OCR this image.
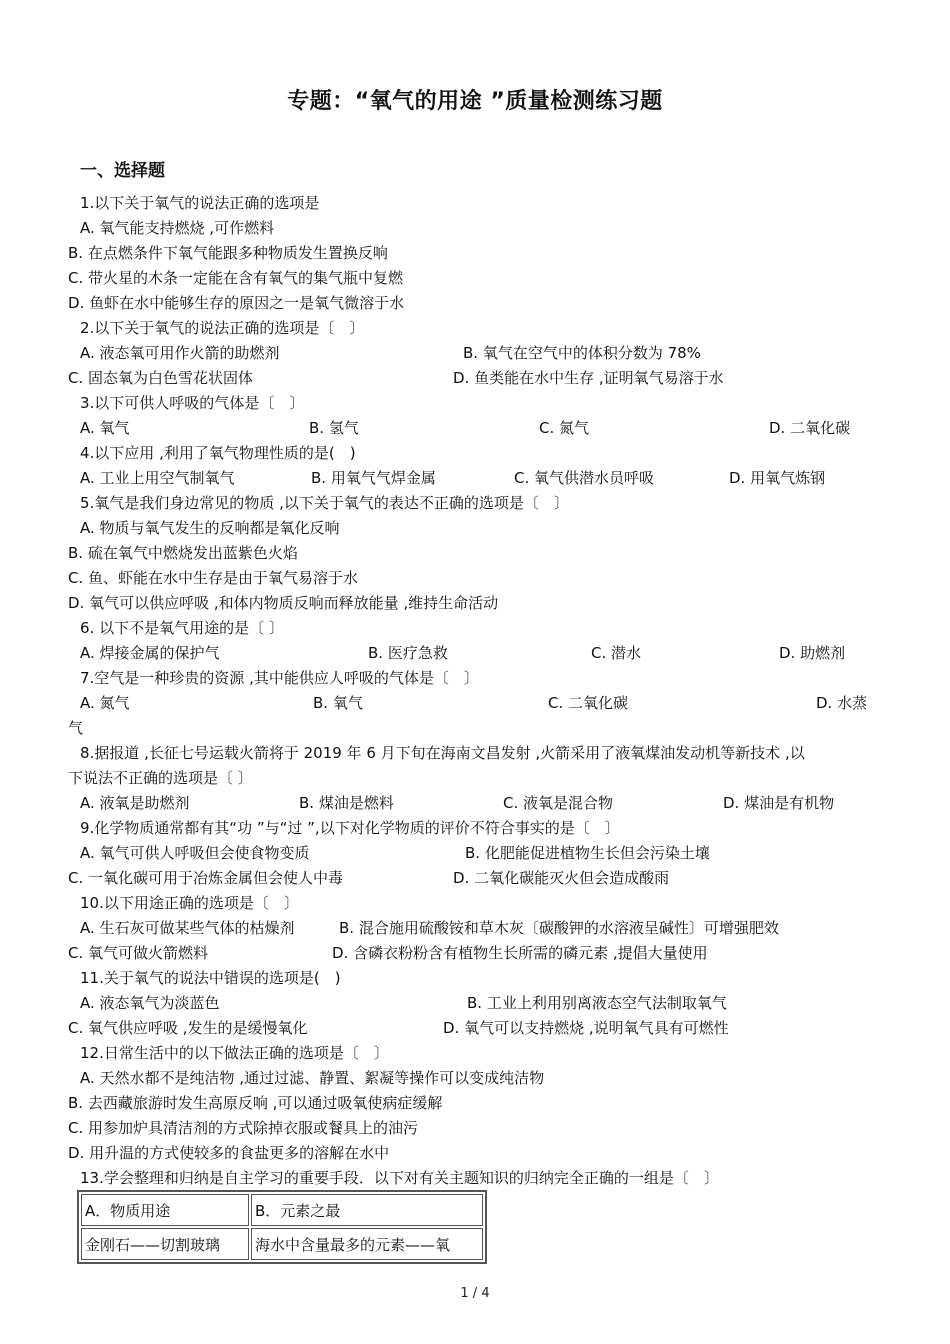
专题：“氧气的用途 ”质量检测练习题
一、选择题
1.以下关于氧气的说法正确的选项是
A. 氧气能支持燃烧 ,可作燃料
B. 在点燃条件下氧气能跟多种物质发生置换反响
C. 带火星的木条一定能在含有氧气的集气瓶中复燃
D. 鱼虾在水中能够生存的原因之一是氧气微溶于水
2.以下关于氧气的说法正确的选项是〔　〕
A. 液态氧可用作火箭的助燃剂	B. 氧气在空气中的体积分数为 78%
C. 固态氧为白色雪花状固体	D. 鱼类能在水中生存 ,证明氧气易溶于水
3.以下可供人呼吸的气体是〔　〕
A. 氧气	B. 氢气	C. 氮气	D. 二氧化碳
4.以下应用 ,利用了氧气物理性质的是(　)
A. 工业上用空气制氧气	B. 用氧气气焊金属	C. 氧气供潜水员呼吸	D. 用氧气炼钢
5.氧气是我们身边常见的物质 ,以下关于氧气的表达不正确的选项是〔　〕
A. 物质与氧气发生的反响都是氧化反响
B. 硫在氧气中燃烧发出蓝紫色火焰
C. 鱼、虾能在水中生存是由于氧气易溶于水
D. 氧气可以供应呼吸 ,和体内物质反响而释放能量 ,维持生命活动
6. 以下不是氧气用途的是〔 〕
A. 焊接金属的保护气	B. 医疗急救	C. 潜水	D. 助燃剂
7.空气是一种珍贵的资源 ,其中能供应人呼吸的气体是〔　〕
A. 氮气	B. 氧气	C. 二氧化碳	D. 水蒸
气
8.据报道 ,长征七号运载火箭将于 2019 年 6 月下旬在海南文昌发射 ,火箭采用了液氧煤油发动机等新技术 ,以
下说法不正确的选项是〔 〕
A. 液氧是助燃剂	B. 煤油是燃料	C. 液氧是混合物	D. 煤油是有机物
9.化学物质通常都有其“功 ”与“过 ”,以下对化学物质的评价不符合事实的是〔　〕
A. 氧气可供人呼吸但会使食物变质	B. 化肥能促进植物生长但会污染土壤
C. 一氧化碳可用于冶炼金属但会使人中毒	D. 二氧化碳能灭火但会造成酸雨
10.以下用途正确的选项是〔　〕
A. 生石灰可做某些气体的枯燥剂	B. 混合施用硫酸铵和草木灰〔碳酸钾的水溶液呈碱性〕可增强肥效
C. 氧气可做火箭燃料	D. 含磷衣粉粉含有植物生长所需的磷元素 ,提倡大量使用
11.关于氧气的说法中错误的选项是(　)
A. 液态氧气为淡蓝色	B. 工业上利用别离液态空气法制取氧气
C. 氧气供应呼吸 ,发生的是缓慢氧化	D. 氧气可以支持燃烧 ,说明氧气具有可燃性
12.日常生活中的以下做法正确的选项是〔　〕
A. 天然水都不是纯洁物 ,通过过滤、静置、絮凝等操作可以变成纯洁物
B. 去西藏旅游时发生高原反响 ,可以通过吸氧使病症缓解
C. 用参加炉具清洁剂的方式除掉衣服或餐具上的油污
D. 用升温的方式使较多的食盐更多的溶解在水中
13.学会整理和归纳是自主学习的重要手段．以下对有关主题知识的归纳完全正确的一组是〔　〕
A．物质用途	B．元素之最
金刚石——切割玻璃	海水中含量最多的元素——氧
1 / 4
